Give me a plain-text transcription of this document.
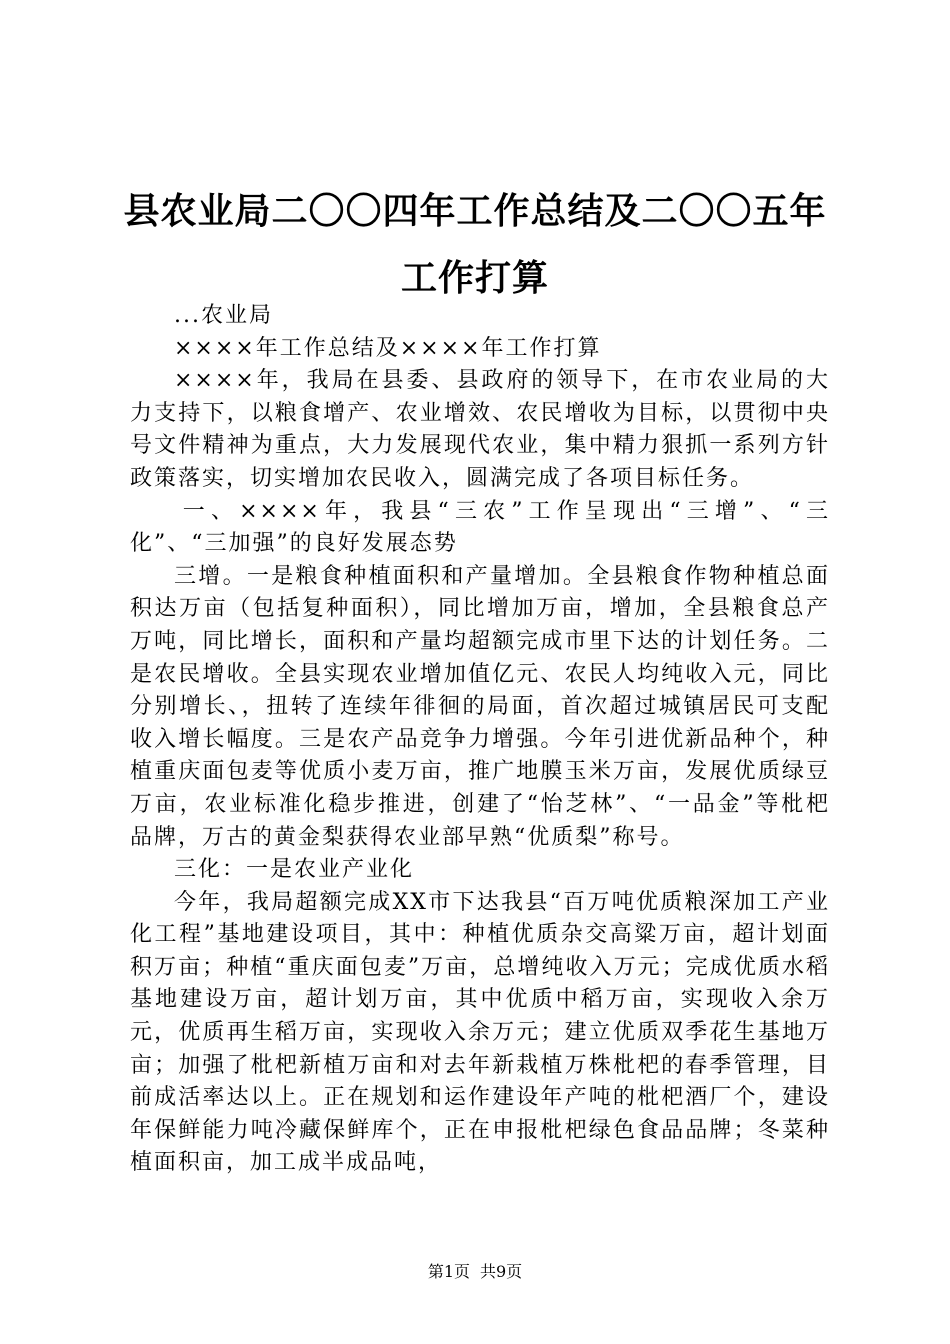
县农业局二〇〇四年工作总结及二〇〇五年工作打算

...农业局

××××年工作总结及××××年工作打算

××××年，我局在县委、县政府的领导下，在市农业局的大力支持下，以粮食增产、农业增效、农民增收为目标，以贯彻中央号文件精神为重点，大力发展现代农业，集中精力狠抓一系列方针政策落实，切实增加农民收入，圆满完成了各项目标任务。

一、××××年，我县“三农”工作呈现出“三增”、“三化”、“三加强”的良好发展态势

三增。一是粮食种植面积和产量增加。全县粮食作物种植总面积达万亩（包括复种面积），同比增加万亩，增加，全县粮食总产万吨，同比增长，面积和产量均超额完成市里下达的计划任务。二是农民增收。全县实现农业增加值亿元、农民人均纯收入元，同比分别增长、，扭转了连续年徘徊的局面，首次超过城镇居民可支配收入增长幅度。三是农产品竞争力增强。今年引进优新品种个，种植重庆面包麦等优质小麦万亩，推广地膜玉米万亩，发展优质绿豆万亩，农业标准化稳步推进，创建了“怡芝林”、“一品金”等枇杷品牌，万古的黄金梨获得农业部早熟“优质梨”称号。

三化：一是农业产业化

今年，我局超额完成XX市下达我县“百万吨优质粮深加工产业化工程”基地建设项目，其中：种植优质杂交高粱万亩，超计划面积万亩；种植“重庆面包麦”万亩，总增纯收入万元；完成优质水稻基地建设万亩，超计划万亩，其中优质中稻万亩，实现收入余万元，优质再生稻万亩，实现收入余万元；建立优质双季花生基地万亩；加强了枇杷新植万亩和对去年新栽植万株枇杷的春季管理，目前成活率达以上。正在规划和运作建设年产吨的枇杷酒厂个，建设年保鲜能力吨冷藏保鲜库个，正在申报枇杷绿色食品品牌；冬菜种植面积亩，加工成半成品吨，

第1页 共9页
